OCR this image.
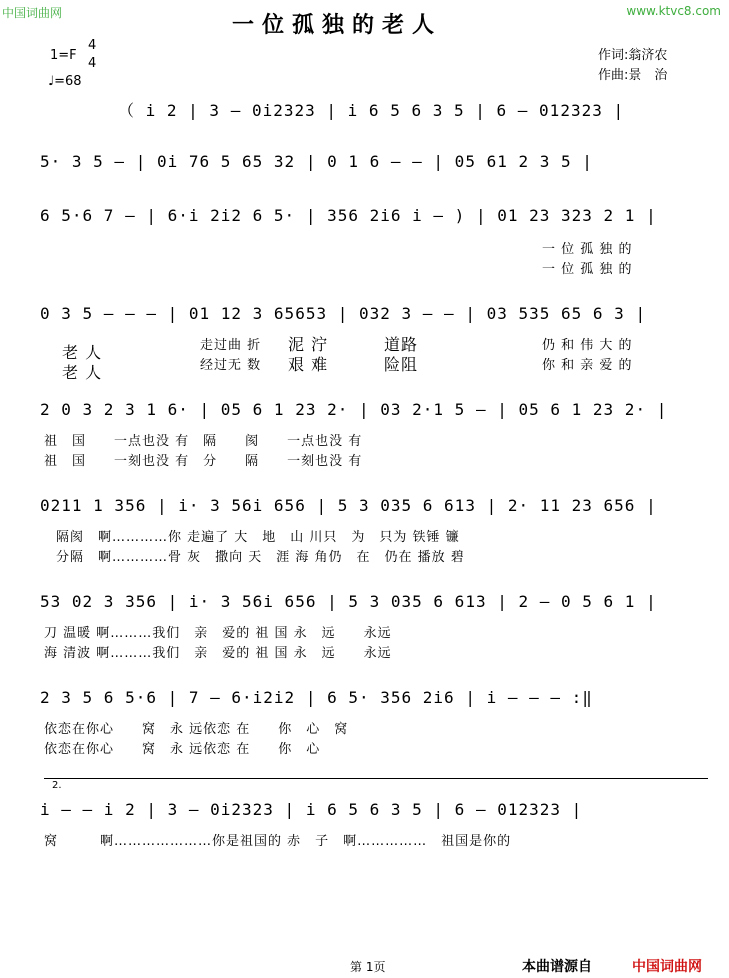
中国词曲网	www.ktvc8.com
一位孤独的老人
1=F
4
4
♩=68
作词:翁济农
作曲:景　治
（ i 2 | 3 – 0i2323 | i 6 5 6 3 5 | 6 – 012323 |
5· 3 5 – | 0i 76 5 65 32 | 0 1 6 – – | 05 61 2 3 5 |
6 5·6 7 – | 6·i 2i2 6 5· | 356 2i6 i – ) | 01 23 323 2 1 |
一 位 孤 独 的
一 位 孤 独 的
0 3 5 – – – | 01 12 3 65653 | 032 3 – – | 03 535 65 6 3 |
老 人
老 人
走过曲 折 泥 泞	道路	仍 和 伟 大 的
经过无 数 艰 难	险阻	你 和 亲 爱 的
2 0 3 2 3 1 6· | 05 6 1 23 2· | 03 2·1 5 – | 05 6 1 23 2· |
祖　国　　一点也没 有　隔　　阂　　一点也没 有
祖　国　　一刻也没 有　分　　隔　　一刻也没 有
0211 1 356 | i· 3 56i 656 | 5 3 035 6 613 | 2· 11 23 656 |
隔阂　啊…………你 走遍了 大　地　山 川只　为　只为 铁锤 镰
分隔　啊…………骨 灰　撒向 天　涯 海 角仍　在　仍在 播放 碧
53 02 3 356 | i· 3 56i 656 | 5 3 035 6 613 | 2 – 0 5 6 1 |
刀 温暖 啊………我们　亲　爱的 祖 国 永　远　　永远
海 清波 啊………我们　亲　爱的 祖 国 永　远　　永远
2 3 5 6 5·6 | 7 – 6·i2i2 | 6 5· 356 2i6 | i – – – :‖
依恋在你心　　窝　永 远依恋 在　　你　心　窝
依恋在你心　　窝　永 远依恋 在　　你　心
2.
i – – i 2 | 3 – 0i2323 | i 6 5 6 3 5 | 6 – 012323 |
窝　　　啊…………………你是祖国的 赤　子　啊……………　祖国是你的
第 1页	本曲谱源自	中国词曲网
